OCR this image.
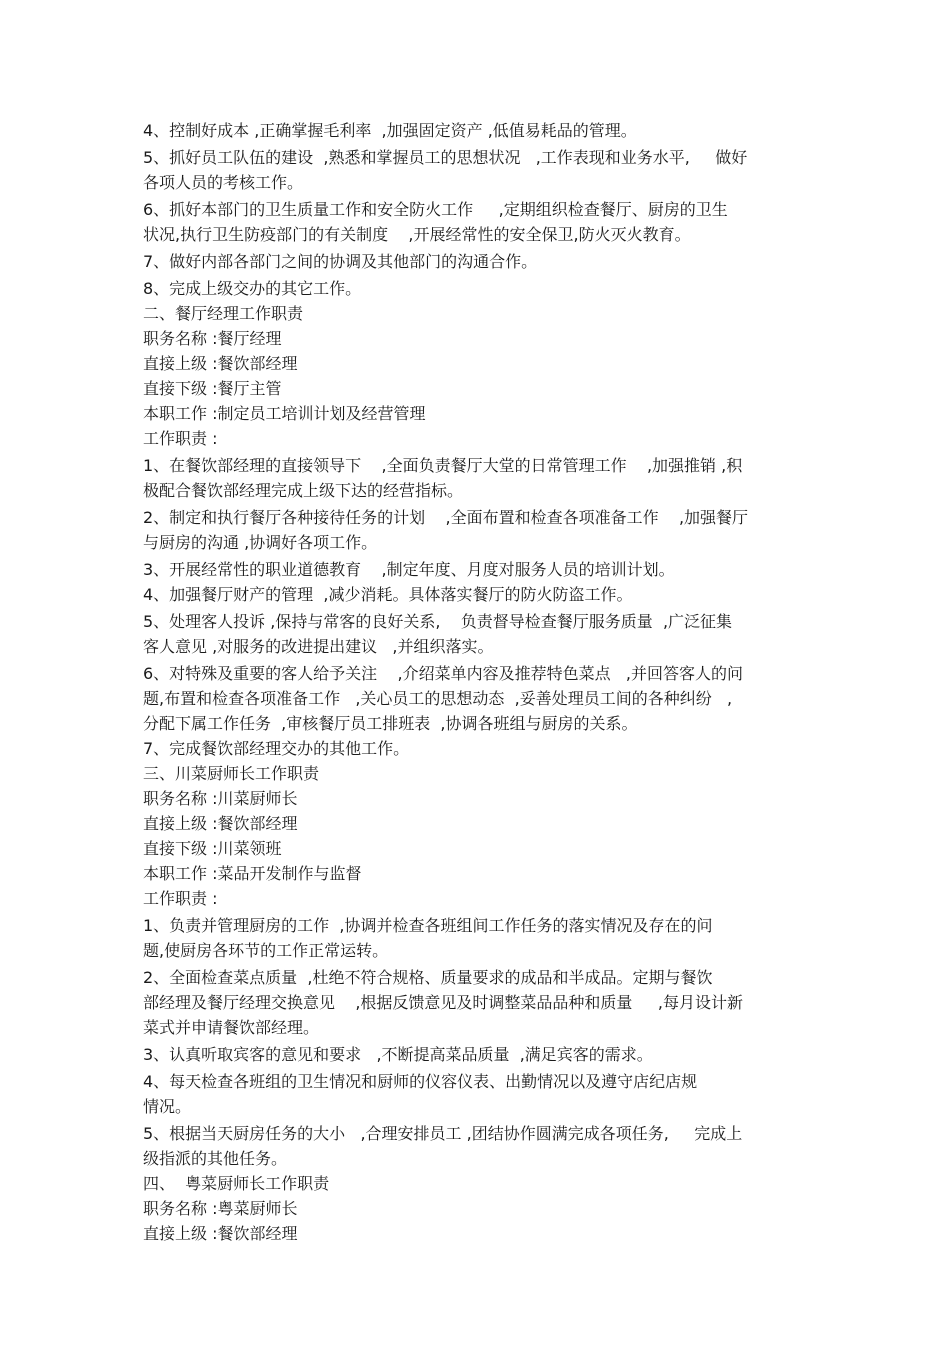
4、控制好成本 ,正确掌握毛利率  ,加强固定资产 ,低值易耗品的管理。
5、抓好员工队伍的建设  ,熟悉和掌握员工的思想状况   ,工作表现和业务水平,     做好
各项人员的考核工作。
6、抓好本部门的卫生质量工作和安全防火工作     ,定期组织检查餐厅、厨房的卫生
状况,执行卫生防疫部门的有关制度    ,开展经常性的安全保卫,防火灭火教育。
7、做好内部各部门之间的协调及其他部门的沟通合作。
8、完成上级交办的其它工作。
二、餐厅经理工作职责
职务名称 :餐厅经理
直接上级 :餐饮部经理
直接下级 :餐厅主管
本职工作 :制定员工培训计划及经营管理
工作职责 :
1、在餐饮部经理的直接领导下    ,全面负责餐厅大堂的日常管理工作    ,加强推销 ,积
极配合餐饮部经理完成上级下达的经营指标。
2、制定和执行餐厅各种接待任务的计划    ,全面布置和检查各项准备工作    ,加强餐厅
与厨房的沟通 ,协调好各项工作。
3、开展经常性的职业道德教育    ,制定年度、月度对服务人员的培训计划。
4、加强餐厅财产的管理  ,减少消耗。具体落实餐厅的防火防盗工作。
5、处理客人投诉 ,保持与常客的良好关系,    负责督导检查餐厅服务质量  ,广泛征集
客人意见 ,对服务的改进提出建议   ,并组织落实。
6、对特殊及重要的客人给予关注    ,介绍菜单内容及推荐特色菜点   ,并回答客人的问
题,布置和检查各项准备工作   ,关心员工的思想动态  ,妥善处理员工间的各种纠纷   ,
分配下属工作任务  ,审核餐厅员工排班表  ,协调各班组与厨房的关系。
7、完成餐饮部经理交办的其他工作。
三、川菜厨师长工作职责
职务名称 :川菜厨师长
直接上级 :餐饮部经理
直接下级 :川菜领班
本职工作 :菜品开发制作与监督
工作职责 :
1、负责并管理厨房的工作  ,协调并检查各班组间工作任务的落实情况及存在的问
题,使厨房各环节的工作正常运转。
2、全面检查菜点质量  ,杜绝不符合规格、质量要求的成品和半成品。定期与餐饮
部经理及餐厅经理交换意见    ,根据反馈意见及时调整菜品品种和质量     ,每月设计新
菜式并申请餐饮部经理。
3、认真听取宾客的意见和要求   ,不断提高菜品质量  ,满足宾客的需求。
4、每天检查各班组的卫生情况和厨师的仪容仪表、出勤情况以及遵守店纪店规
情况。
5、根据当天厨房任务的大小   ,合理安排员工 ,团结协作圆满完成各项任务,     完成上
级指派的其他任务。
四、  粤菜厨师长工作职责
职务名称 :粤菜厨师长
直接上级 :餐饮部经理
